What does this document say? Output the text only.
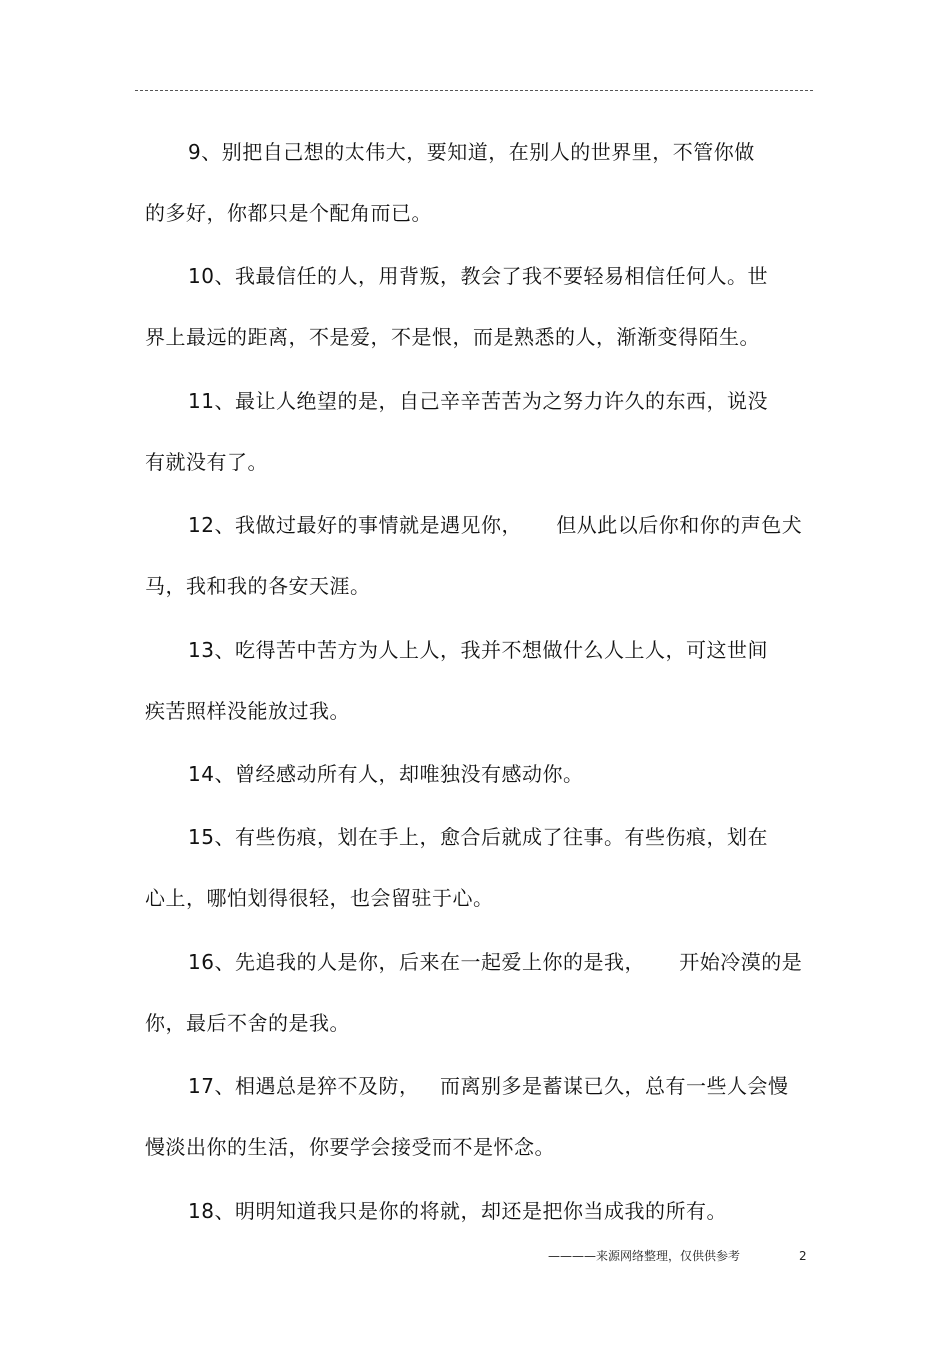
9、别把自己想的太伟大，要知道，在别人的世界里，不管你做
的多好，你都只是个配角而已。
10、我最信任的人，用背叛，教会了我不要轻易相信任何人。世
界上最远的距离，不是爱，不是恨，而是熟悉的人，渐渐变得陌生。
11、最让人绝望的是，自己辛辛苦苦为之努力许久的东西，说没
有就没有了。
12、我做过最好的事情就是遇见你，     但从此以后你和你的声色犬
马，我和我的各安天涯。
13、吃得苦中苦方为人上人，我并不想做什么人上人，可这世间
疾苦照样没能放过我。
14、曾经感动所有人，却唯独没有感动你。
15、有些伤痕，划在手上，愈合后就成了往事。有些伤痕，划在
心上，哪怕划得很轻，也会留驻于心。
16、先追我的人是你，后来在一起爱上你的是我，     开始冷漠的是
你，最后不舍的是我。
17、相遇总是猝不及防，   而离别多是蓄谋已久，总有一些人会慢
慢淡出你的生活，你要学会接受而不是怀念。
18、明明知道我只是你的将就，却还是把你当成我的所有。
————来源网络整理，仅供供参考	2
